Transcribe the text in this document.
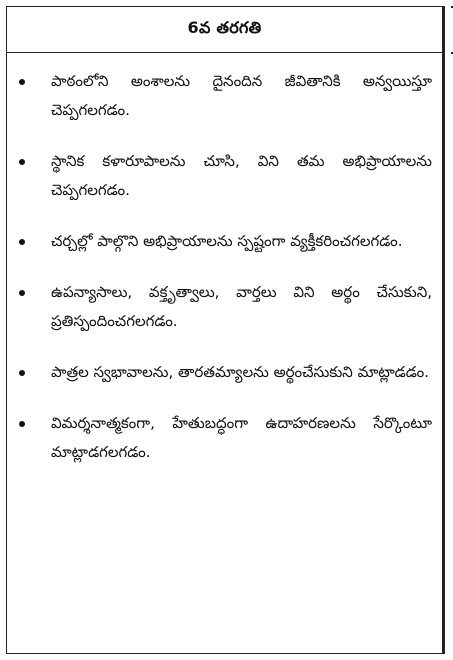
6వ తరగతి
పాఠంలోని అంశాలను దైనందిన జీవితానికి అన్వయిస్తూ చెప్పగలగడం.
స్థానిక కళారూపాలను చూసి, విని తమ అభిప్రాయాలను చెప్పగలగడం.
చర్చల్లో పాల్గొని అభిప్రాయాలను స్పష్టంగా వ్యక్తీకరించగలగడం.
ఉపన్యాసాలు, వక్తృత్వాలు, వార్తలు విని అర్థం చేసుకుని, ప్రతిస్పందించగలగడం.
పాత్రల స్వభావాలను, తారతమ్యాలను అర్థంచేసుకుని మాట్లాడడం.
విమర్శనాత్మకంగా, హేతుబద్ధంగా ఉదాహరణలను సేర్కొంటూ మాట్లాడగలగడం.
